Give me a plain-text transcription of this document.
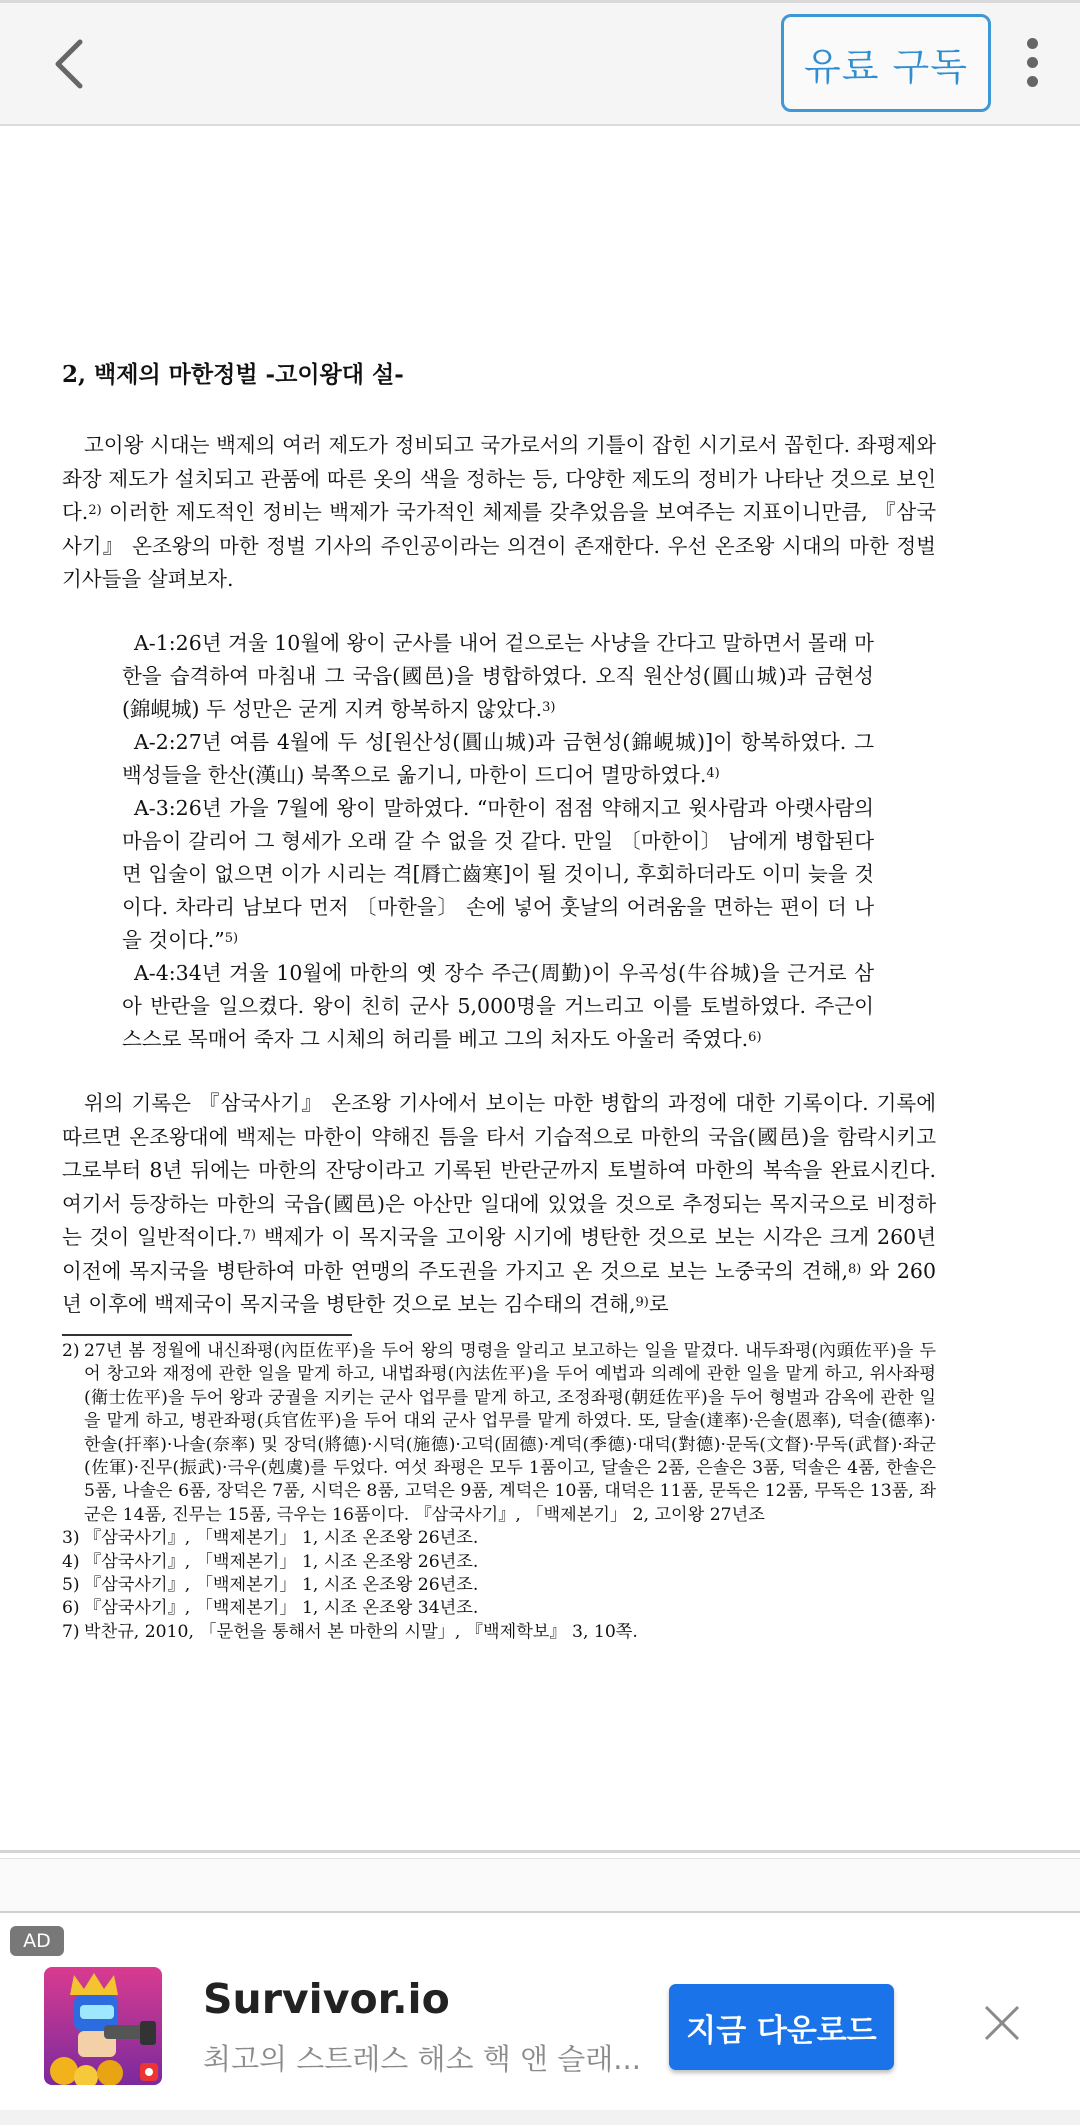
유료 구독
2, 백제의 마한정벌 -고이왕대 설-
고이왕 시대는 백제의 여러 제도가 정비되고 국가로서의 기틀이 잡힌 시기로서 꼽힌다. 좌평제와 좌장 제도가 설치되고 관품에 따른 옷의 색을 정하는 등, 다양한 제도의 정비가 나타난 것으로 보인다.$^{2)}$ 이러한 제도적인 정비는 백제가 국가적인 체제를 갖추었음을 보여주는 지표이니만큼, 『삼국사기』 온조왕의 마한 정벌 기사의 주인공이라는 의견이 존재한다. 우선 온조왕 시대의 마한 정벌 기사들을 살펴보자.

A-1:26년 겨울 10월에 왕이 군사를 내어 겉으로는 사냥을 간다고 말하면서 몰래 마한을 습격하여 마침내 그 국읍(國邑)을 병합하였다. 오직 원산성(圓山城)과 금현성(錦峴城) 두 성만은 굳게 지켜 항복하지 않았다.$^{3)}$

A-2:27년 여름 4월에 두 성[원산성(圓山城)과 금현성(錦峴城)]이 항복하였다. 그 백성들을 한산(漢山) 북쪽으로 옮기니, 마한이 드디어 멸망하였다.$^{4)}$

A-3:26년 가을 7월에 왕이 말하였다. “마한이 점점 약해지고 윗사람과 아랫사람의 마음이 갈리어 그 형세가 오래 갈 수 없을 것 같다. 만일 〔마한이〕 남에게 병합된다면 입술이 없으면 이가 시리는 격[脣亡齒寒]이 될 것이니, 후회하더라도 이미 늦을 것이다. 차라리 남보다 먼저 〔마한을〕 손에 넣어 훗날의 어려움을 면하는 편이 더 나을 것이다.”$^{5)}$

A-4:34년 겨울 10월에 마한의 옛 장수 주근(周勤)이 우곡성(牛谷城)을 근거로 삼아 반란을 일으켰다. 왕이 친히 군사 5,000명을 거느리고 이를 토벌하였다. 주근이 스스로 목매어 죽자 그 시체의 허리를 베고 그의 처자도 아울러 죽였다.$^{6)}$

위의 기록은 『삼국사기』 온조왕 기사에서 보이는 마한 병합의 과정에 대한 기록이다. 기록에 따르면 온조왕대에 백제는 마한이 약해진 틈을 타서 기습적으로 마한의 국읍(國邑)을 함락시키고 그로부터 8년 뒤에는 마한의 잔당이라고 기록된 반란군까지 토벌하여 마한의 복속을 완료시킨다. 여기서 등장하는 마한의 국읍(國邑)은 아산만 일대에 있었을 것으로 추정되는 목지국으로 비정하는 것이 일반적이다.$^{7)}$ 백제가 이 목지국을 고이왕 시기에 병탄한 것으로 보는 시각은 크게 260년 이전에 목지국을 병탄하여 마한 연맹의 주도권을 가지고 온 것으로 보는 노중국의 견해,$^{8)}$ 와 260년 이후에 백제국이 목지국을 병탄한 것으로 보는 김수태의 견해,$^{9)}$로
2) 27년 봄 정월에 내신좌평(內臣佐平)을 두어 왕의 명령을 알리고 보고하는 일을 맡겼다. 내두좌평(內頭佐平)을 두어 창고와 재정에 관한 일을 맡게 하고, 내법좌평(內法佐平)을 두어 예법과 의례에 관한 일을 맡게 하고, 위사좌평(衛士佐平)을 두어 왕과 궁궐을 지키는 군사 업무를 맡게 하고, 조정좌평(朝廷佐平)을 두어 형벌과 감옥에 관한 일을 맡게 하고, 병관좌평(兵官佐平)을 두어 대외 군사 업무를 맡게 하였다. 또, 달솔(達率)·은솔(恩率), 덕솔(德率)·한솔(扞率)·나솔(奈率) 및 장덕(將德)·시덕(施德)·고덕(固德)·계덕(季德)·대덕(對德)·문독(文督)·무독(武督)·좌군(佐軍)·진무(振武)·극우(剋虞)를 두었다. 여섯 좌평은 모두 1품이고, 달솔은 2품, 은솔은 3품, 덕솔은 4품, 한솔은 5품, 나솔은 6품, 장덕은 7품, 시덕은 8품, 고덕은 9품, 계덕은 10품, 대덕은 11품, 문독은 12품, 무독은 13품, 좌군은 14품, 진무는 15품, 극우는 16품이다. 『삼국사기』, 「백제본기」 2, 고이왕 27년조
3) 『삼국사기』, 「백제본기」 1, 시조 온조왕 26년조.
4) 『삼국사기』, 「백제본기」 1, 시조 온조왕 26년조.
5) 『삼국사기』, 「백제본기」 1, 시조 온조왕 26년조.
6) 『삼국사기』, 「백제본기」 1, 시조 온조왕 34년조.
7) 박찬규, 2010, 「문헌을 통해서 본 마한의 시말」, 『백제학보』 3, 10쪽.
AD
Survivor.io
최고의 스트레스 해소 핵 앤 슬래...
지금 다운로드
